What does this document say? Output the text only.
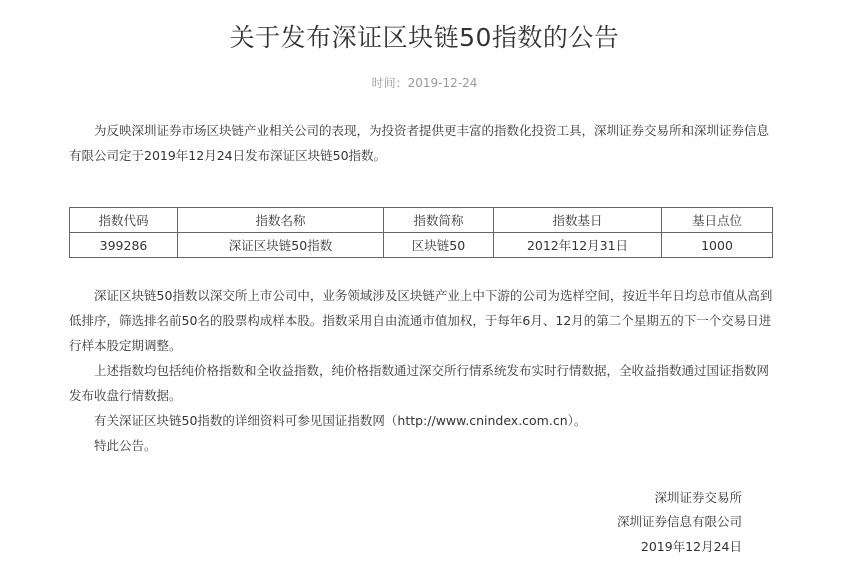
关于发布深证区块链50指数的公告
时间：2019-12-24

为反映深圳证券市场区块链产业相关公司的表现，为投资者提供更丰富的指数化投资工具，深圳证券交易所和深圳证券信息有限公司定于2019年12月24日发布深证区块链50指数。

指数代码	指数名称	指数简称	指数基日	基日点位
399286	深证区块链50指数	区块链50	2012年12月31日	1000

深证区块链50指数以深交所上市公司中，业务领域涉及区块链产业上中下游的公司为选样空间，按近半年日均总市值从高到低排序，筛选排名前50名的股票构成样本股。指数采用自由流通市值加权，于每年6月、12月的第二个星期五的下一个交易日进行样本股定期调整。

上述指数均包括纯价格指数和全收益指数，纯价格指数通过深交所行情系统发布实时行情数据，全收益指数通过国证指数网发布收盘行情数据。

有关深证区块链50指数的详细资料可参见国证指数网（http://www.cnindex.com.cn）。

特此公告。

深圳证券交易所
深圳证券信息有限公司
2019年12月24日
